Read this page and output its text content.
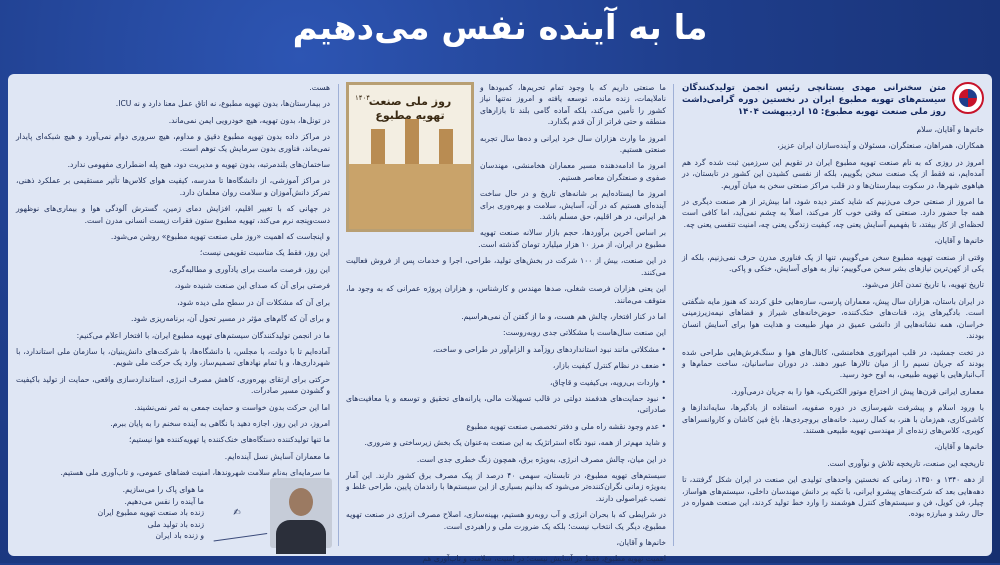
ما به آینده نفس می‌دهیم
متن سخنرانی مهدی بستانچی رئیس انجمن تولیدکنندگان سیستم‌های تهویه مطبوع ایران در نخستین دوره گرامی‌داشت روز ملی صنعت تهویه مطبوع: ۱۵ اردیبهشت ۱۴۰۴

خانم‌ها و آقایان، سلام

همکاران، همراهان، صنعتگران، مسئولان و آینده‌سازان ایران عزیز،

امروز در روزی که به نام صنعت تهویه مطبوع ایران در تقویم این سرزمین ثبت شده گرد هم آمده‌ایم، نه فقط از یک صنعت سخن بگوییم، بلکه از نفسی کشیدن این کشور در تابستان، در هیاهوی شهرها، در سکوت بیمارستان‌ها و در قلب مراکز صنعتی سخن به میان آوریم.

ما امروز از صنعتی حرف می‌زنیم که شاید کمتر دیده شود، اما بیش‌تر از هر صنعت دیگری در همه جا حضور دارد. صنعتی که وقتی خوب کار می‌کند، اصلاً به چشم نمی‌آید، اما کافی است لحظه‌ای از کار بیفتد، تا بفهمیم آسایش یعنی چه، کیفیت زندگی یعنی چه، امنیت تنفسی یعنی چه.

خانم‌ها و آقایان،

وقتی از صنعت تهویه مطبوع سخن می‌گوییم، تنها از یک فناوری مدرن حرف نمی‌زنیم، بلکه از یکی از کهن‌ترین نیازهای بشر سخن می‌گوییم؛ نیاز به هوای آسایش، خنکی و پاکی.

تاریخ تهویه، با تاریخ تمدن آغاز می‌شود.

در ایران باستان، هزاران سال پیش، معماران پارسی، سازه‌هایی خلق کردند که هنوز مایه شگفتی است. بادگیرهای یزد، قنات‌های خنک‌کننده، حوض‌خانه‌های شیراز و فضاهای نیمه‌زیرزمینی خراسان، همه نشانه‌هایی از دانشی عمیق در مهار طبیعت و هدایت هوا برای آسایش انسان بودند.

در تخت جمشید، در قلب امپراتوری هخامنشی، کانال‌های هوا و سنگ‌فرش‌هایی طراحی شده بودند که جریان نسیم را از میان تالارها عبور دهند. در دوران ساسانیان، ساخت حمام‌ها و آب‌انبارهایی با تهویه طبیعی، به اوج خود رسید.

معماری ایرانی قرن‌ها پیش از اختراع موتور الکتریکی، هوا را به جریان درمی‌آورد.

با ورود اسلام و پیشرفت شهرسازی در دوره صفویه، استفاده از بادگیرها، سایه‌اندازها و کاشی‌کاری، هم‌زمان با هنر، به کمال رسید. خانه‌های بروجردی‌ها، باغ فین کاشان و کاروانسراهای کویری، کلاس‌های زنده‌ای از مهندسی تهویه طبیعی هستند.

خانم‌ها و آقایان،

تاریخچه این صنعت، تاریخچه تلاش و نوآوری است.

از دهه ۱۳۴۰ و ۱۳۵۰، زمانی که نخستین واحدهای تولیدی این صنعت در ایران شکل گرفتند، تا دهه‌هایی بعد که شرکت‌های پیشرو ایرانی، با تکیه بر دانش مهندسان داخلی، سیستم‌های هواساز، چیلر، فن کویل، فن و سیستم‌های کنترل هوشمند را وارد خط تولید کردند، این صنعت همواره در حال رشد و مبارزه بوده.

روز ملی صنعت تهویه مطبوع
۱۴۰۴

ما صنعتی داریم که با وجود تمام تحریم‌ها، کمبودها و ناملایمات، زنده مانده، توسعه یافته و امروز نه‌تنها نیاز کشور را تأمین می‌کند، بلکه آماده گامی بلند تا بازارهای منطقه و حتی فراتر از آن قدم بگذارد.

امروز ما وارث هزاران سال خرد ایرانی و ده‌ها سال تجربه صنعتی هستیم.

امروز ما ادامه‌دهنده مسیر معماران هخامنشی، مهندسان صفوی و صنعتگران معاصر هستیم.

امروز ما ایستاده‌ایم بر شانه‌های تاریخ و در حال ساخت آینده‌ای هستیم که در آن، آسایش، سلامت و بهره‌وری برای هر ایرانی، در هر اقلیم، حق مسلم باشد.

بر اساس آخرین برآوردها، حجم بازار سالانه صنعت تهویه مطبوع در ایران، از مرز ۱۰ هزار میلیارد تومان گذشته است.

در این صنعت، بیش از ۱۰۰ شرکت در بخش‌های تولید، طراحی، اجرا و خدمات پس از فروش فعالیت می‌کنند.

این یعنی هزاران فرصت شغلی، صدها مهندس و کارشناس، و هزاران پروژه عمرانی که به وجود ما، متوقف می‌مانند.

اما در کنار افتخار، چالش هم هست، و ما از گفتن آن نمی‌هراسیم.

این صنعت سال‌هاست با مشکلاتی جدی روبه‌روست:

• مشکلاتی مانند نبود استانداردهای روزآمد و الزام‌آور در طراحی و ساخت،

• ضعف در نظام کنترل کیفیت بازار،

• واردات بی‌رویه، بی‌کیفیت و قاچاق،

• نبود حمایت‌های هدفمند دولتی در قالب تسهیلات مالی، یارانه‌های تحقیق و توسعه و یا معافیت‌های صادراتی،

• عدم وجود نقشه راه ملی و دفتر تخصصی صنعت تهویه مطبوع

و شاید مهم‌تر از همه، نبود نگاه استراتژیک به این صنعت به‌عنوان یک بخش زیرساختی و ضروری.

در این میان، چالش مصرف انرژی، به‌ویژه برق، همچون زنگ خطری جدی است.

سیستم‌های تهویه مطبوع، در تابستان، سهمی ۴۰ درصد از پیک مصرف برق کشور دارند. این آمار به‌ویژه زمانی نگران‌کننده‌تر می‌شود که بدانیم بسیاری از این سیستم‌ها با راندمان پایین، طراحی غلط و نصب غیراصولی دارند.

در شرایطی که با بحران انرژی و آب روبه‌رو هستیم، بهینه‌سازی، اصلاح مصرف انرژی در صنعت تهویه مطبوع، دیگر یک انتخاب نیست؛ بلکه یک ضرورت ملی و راهبردی است.

خانم‌ها و آقایان،

اهمیت تهویه مطبوع، فقط در آسایش نیست؛ در امنیت، سلامت و تاب‌آوری هم

هست.

در بیمارستان‌ها، بدون تهویه مطبوع، نه اتاق عمل معنا دارد و نه ICU.

در تونل‌ها، بدون تهویه، هیچ خودرویی ایمن نمی‌ماند.

در مراکز داده بدون تهویه مطبوع دقیق و مداوم، هیچ سروری دوام نمی‌آورد و هیچ شبکه‌ای پایدار نمی‌ماند، فناوری بدون سرمایش یک توهم است.

ساختمان‌های بلندمرتبه، بدون تهویه و مدیریت دود، هیچ پله اضطراری مفهومی ندارد.

در مراکز آموزشی، از دانشگاه‌ها تا مدرسه، کیفیت هوای کلاس‌ها تأثیر مستقیمی بر عملکرد ذهنی، تمرکز دانش‌آموزان و سلامت روان معلمان دارد.

در جهانی که با تغییر اقلیم، افزایش دمای زمین، گسترش آلودگی هوا و بیماری‌های نوظهور دست‌وپنجه نرم می‌کند، تهویه مطبوع ستون فقرات زیست انسانی مدرن است.

و اینجاست که اهمیت «روز ملی صنعت تهویه مطبوع» روشن می‌شود.

این روز، فقط یک مناسبت تقویمی نیست؛

این روز، فرصت ماست برای یادآوری و مطالبه‌گری،

فرصتی برای آن که صدای این صنعت شنیده شود،

برای آن که مشکلات آن در سطح ملی دیده شود،

و برای آن که گام‌های مؤثر در مسیر تحول آن، برنامه‌ریزی شود.

ما در انجمن تولیدکنندگان سیستم‌های تهویه مطبوع ایران، با افتخار اعلام می‌کنیم:

آماده‌ایم تا با دولت، با مجلس، با دانشگاه‌ها، با شرکت‌های دانش‌بنیان، با سازمان ملی استاندارد، با شهرداری‌ها، و با تمام نهادهای تصمیم‌ساز، وارد یک حرکت ملی شویم.

حرکتی برای ارتقای بهره‌وری، کاهش مصرف انرژی، استانداردسازی واقعی، حمایت از تولید باکیفیت و گشودن مسیر صادرات.

اما این حرکت بدون خواست و حمایت جمعی به ثمر نمی‌نشیند.

امروز، در این روز، اجازه دهید با نگاهی به آینده سخنم را به پایان ببرم.

ما تنها تولیدکننده دستگاه‌های خنک‌کننده یا تهویه‌کننده هوا نیستیم؛

ما معماران آسایش نسل آینده‌ایم.

ما سرمایه‌ای به‌نام سلامت شهروندها، امنیت فضاهای عمومی، و تاب‌آوری ملی هستیم.

✍
ما هوای پاک را می‌سازیم.
ما آینده را نفس می‌دهیم.
زنده باد صنعت تهویه مطبوع ایران
زنده باد تولید ملی
و زنده باد ایران
